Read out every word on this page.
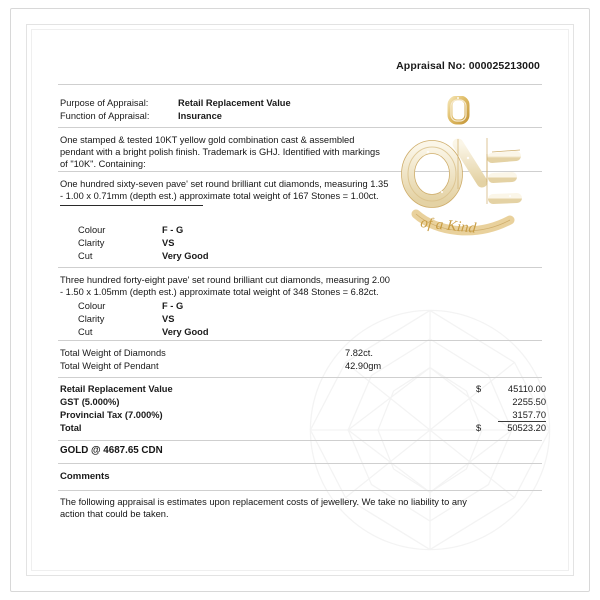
Appraisal No: 000025213000
Purpose of Appraisal:	Retail Replacement Value
Function of Appraisal:	Insurance
One stamped & tested 10KT yellow gold combination cast & assembled pendant with a bright polish finish. Trademark is GHJ. Identified with markings of "10K". Containing:
One hundred sixty-seven pave' set round brilliant cut diamonds, measuring 1.35 - 1.00 x 0.71mm (depth est.) approximate total weight of 167 Stones = 1.00ct.
Colour	F - G
Clarity	VS
Cut	Very Good
Three hundred forty-eight pave' set round brilliant cut diamonds, measuring 2.00 - 1.50 x 1.05mm (depth est.) approximate total weight of 348 Stones = 6.82ct.
Colour	F - G
Clarity	VS
Cut	Very Good
Total Weight of Diamonds	7.82ct.
Total Weight of Pendant	42.90gm
Retail Replacement Value	$	45110.00
GST (5.000%)	2255.50
Provincial Tax (7.000%)	3157.70
Total	$	50523.20
GOLD @ 4687.65 CDN
Comments
The following appraisal is estimates upon replacement costs of jewellery. We take no liability to any action that could be taken.
of a Kind
